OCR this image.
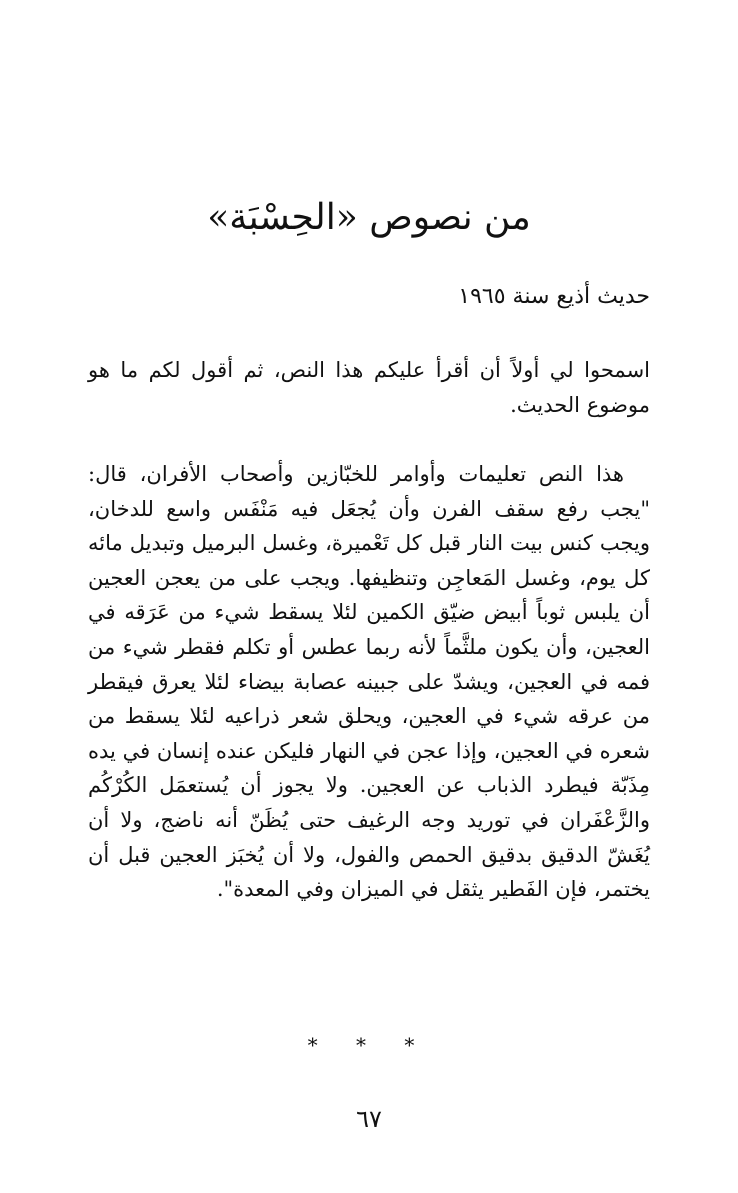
من نصوص «الحِسْبَة»
حديث أذيع سنة ١٩٦٥

اسمحوا لي أولاً أن أقرأ عليكم هذا النص، ثم أقول لكم ما هو موضوع الحديث.

هذا النص تعليمات وأوامر للخبّازين وأصحاب الأفران، قال: "يجب رفع سقف الفرن وأن يُجعَل فيه مَنْفَس واسع للدخان، ويجب كنس بيت النار قبل كل تَعْميرة، وغسل البرميل وتبديل مائه كل يوم، وغسل المَعاجِن وتنظيفها. ويجب على من يعجن العجين أن يلبس ثوباً أبيض ضيّق الكمين لئلا يسقط شيء من عَرَقه في العجين، وأن يكون ملثَّماً لأنه ربما عطس أو تكلم فقطر شيء من فمه في العجين، ويشدّ على جبينه عصابة بيضاء لئلا يعرق فيقطر من عرقه شيء في العجين، ويحلق شعر ذراعيه لئلا يسقط من شعره في العجين، وإذا عجن في النهار فليكن عنده إنسان في يده مِذَبّة فيطرد الذباب عن العجين. ولا يجوز أن يُستعمَل الكُرْكُم والزَّعْفَران في توريد وجه الرغيف حتى يُظَنّ أنه ناضج، ولا أن يُغَشّ الدقيق بدقيق الحمص والفول، ولا أن يُخبَز العجين قبل أن يختمر، فإن الفَطير يثقل في الميزان وفي المعدة".

* * *
٦٧
